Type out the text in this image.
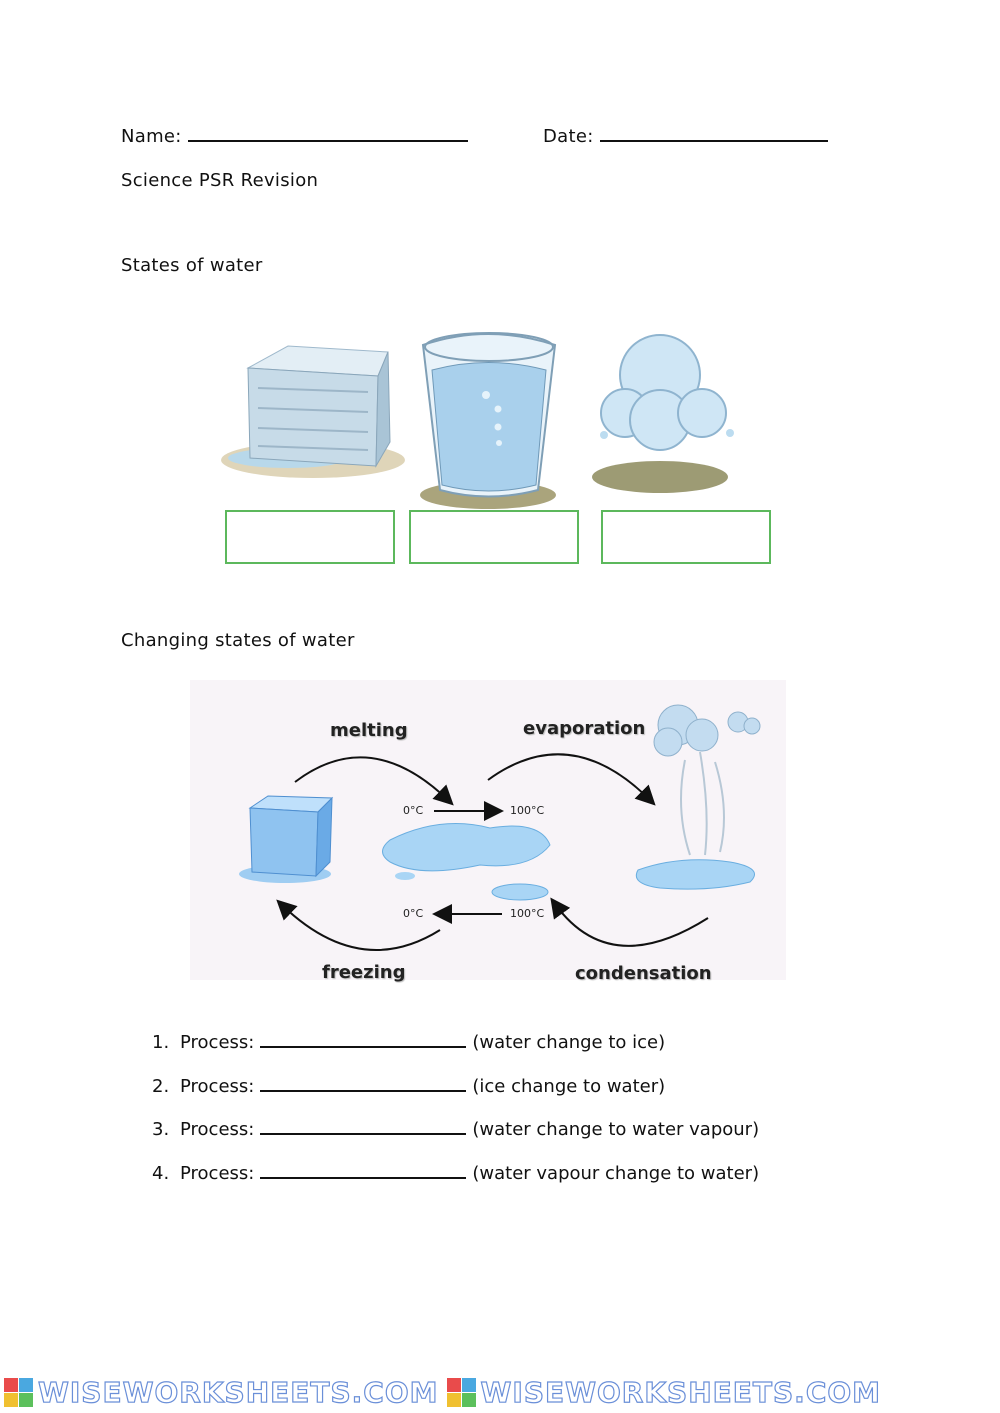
Name:	Date:
Science PSR Revision
States of water
Changing states of water
melting	evaporation
freezing	condensation
0°C	100°C
0°C	100°C
1. Process:	(water change to ice)
2. Process:	(ice change to water)
3. Process:	(water change to water vapour)
4. Process:	(water vapour change to water)
WISEWORKSHEETS.COM WISEWORKSHEETS.COM
